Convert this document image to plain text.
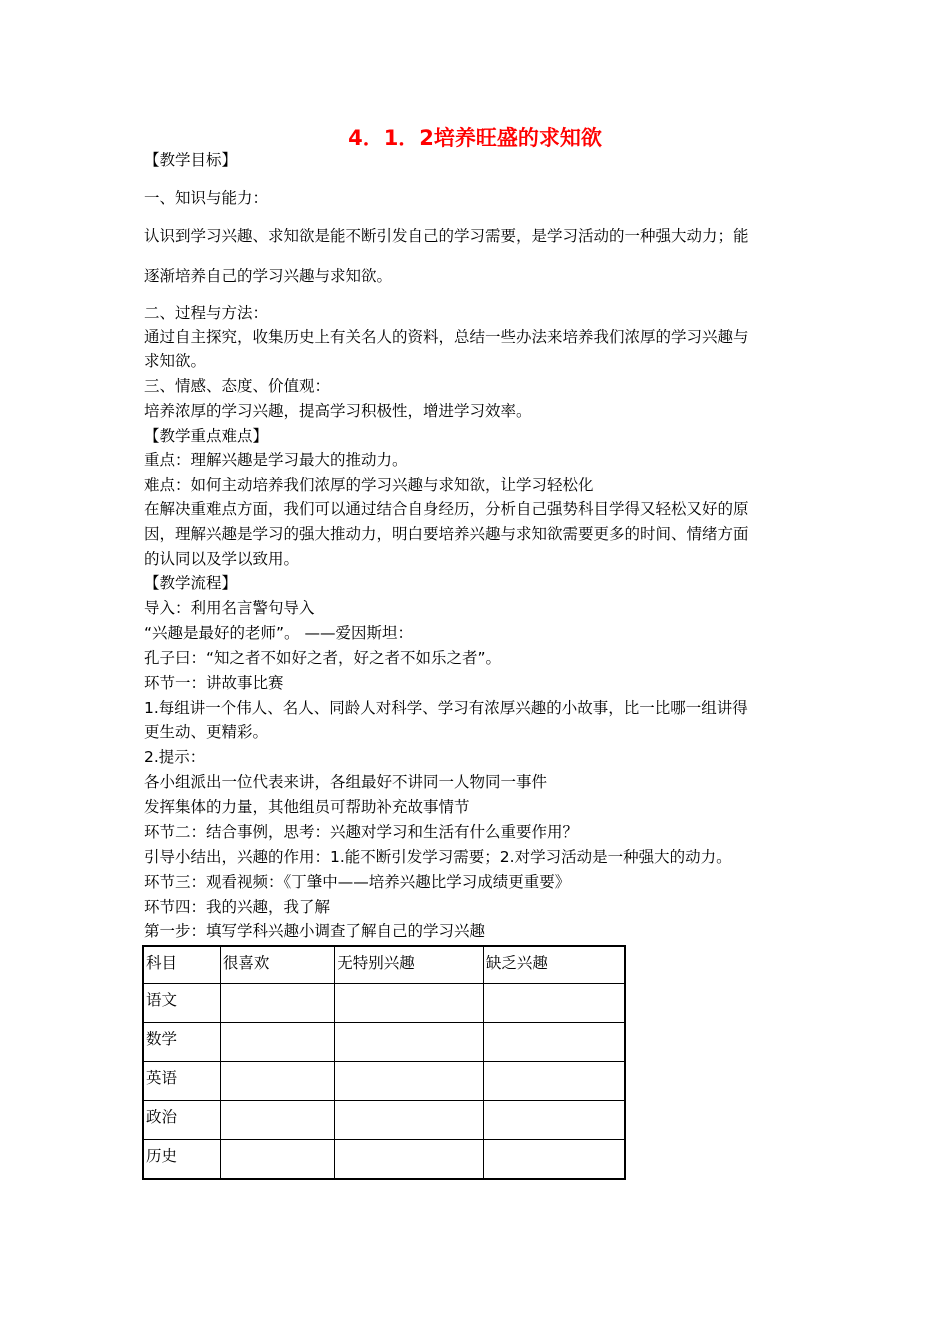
4．1．2培养旺盛的求知欲
【教学目标】
一、知识与能力：
认识到学习兴趣、求知欲是能不断引发自己的学习需要，是学习活动的一种强大动力；能
逐渐培养自己的学习兴趣与求知欲。
二、过程与方法：
通过自主探究，收集历史上有关名人的资料，总结一些办法来培养我们浓厚的学习兴趣与
求知欲。
三、情感、态度、价值观：
培养浓厚的学习兴趣，提高学习积极性，增进学习效率。
【教学重点难点】
重点：理解兴趣是学习最大的推动力。
难点：如何主动培养我们浓厚的学习兴趣与求知欲，让学习轻松化
在解决重难点方面，我们可以通过结合自身经历，分析自己强势科目学得又轻松又好的原
因，理解兴趣是学习的强大推动力，明白要培养兴趣与求知欲需要更多的时间、情绪方面
的认同以及学以致用。
【教学流程】
导入：利用名言警句导入
“兴趣是最好的老师”。 ——爱因斯坦：
孔子曰：“知之者不如好之者，好之者不如乐之者”。
环节一：讲故事比赛
1.每组讲一个伟人、名人、同龄人对科学、学习有浓厚兴趣的小故事，比一比哪一组讲得
更生动、更精彩。
2.提示：
各小组派出一位代表来讲，各组最好不讲同一人物同一事件
发挥集体的力量，其他组员可帮助补充故事情节
环节二：结合事例，思考：兴趣对学习和生活有什么重要作用？
引导小结出，兴趣的作用：1.能不断引发学习需要；2.对学习活动是一种强大的动力。
环节三：观看视频：《丁肇中——培养兴趣比学习成绩更重要》
环节四：我的兴趣，我了解
第一步：填写学科兴趣小调查了解自己的学习兴趣
科目	很喜欢	无特别兴趣	缺乏兴趣
语文			
数学			
英语			
政治			
历史			
